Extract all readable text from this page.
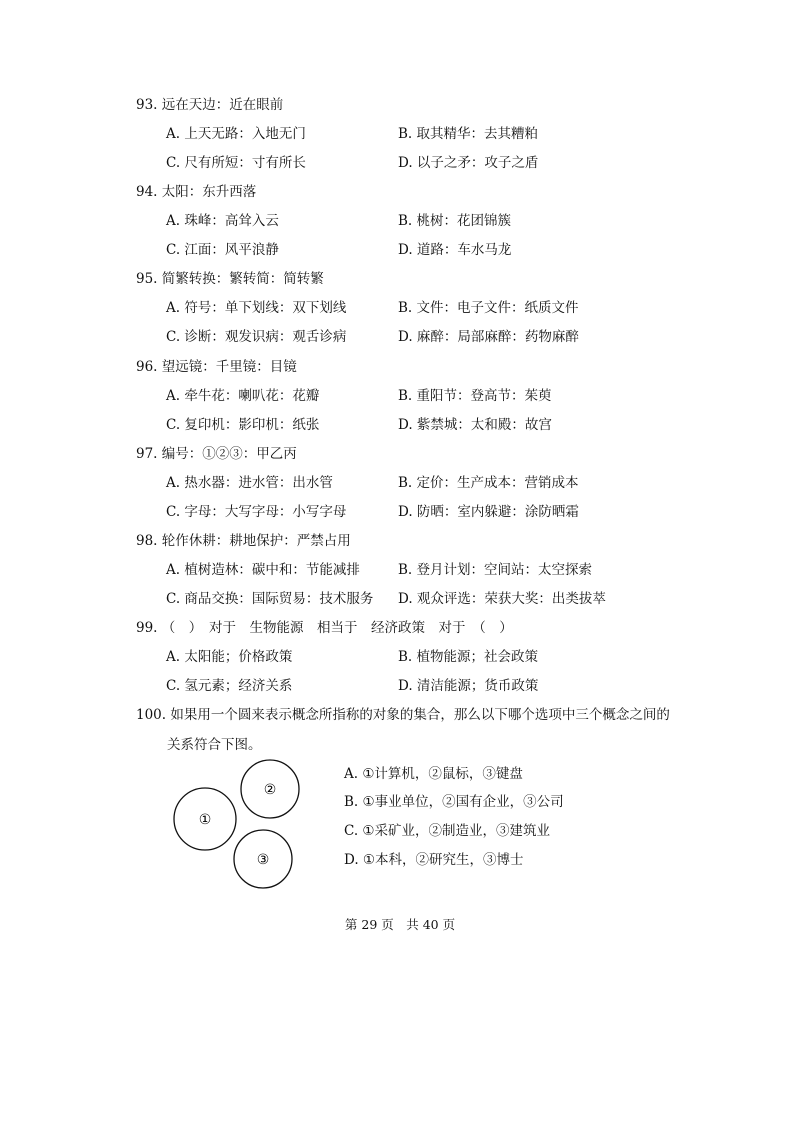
93. 远在天边：近在眼前
A. 上天无路：入地无门	B. 取其精华：去其糟粕
C. 尺有所短：寸有所长	D. 以子之矛：攻子之盾
94. 太阳：东升西落
A. 珠峰：高耸入云	B. 桃树：花团锦簇
C. 江面：风平浪静	D. 道路：车水马龙
95. 简繁转换：繁转简：简转繁
A. 符号：单下划线：双下划线	B. 文件：电子文件：纸质文件
C. 诊断：观发识病：观舌诊病	D. 麻醉：局部麻醉：药物麻醉
96. 望远镜：千里镜：目镜
A. 牵牛花：喇叭花：花瓣	B. 重阳节：登高节：茱萸
C. 复印机：影印机：纸张	D. 紫禁城：太和殿：故宫
97. 编号：①②③：甲乙丙
A. 热水器：进水管：出水管	B. 定价：生产成本：营销成本
C. 字母：大写字母：小写字母	D. 防晒：室内躲避：涂防晒霜
98. 轮作休耕：耕地保护：严禁占用
A. 植树造林：碳中和：节能减排	B. 登月计划：空间站：太空探索
C. 商品交换：国际贸易：技术服务 D. 观众评选：荣获大奖：出类拔萃
99. （　）　对于　生物能源　相当于　经济政策　对于　（　）
A. 太阳能；价格政策	B. 植物能源；社会政策
C. 氢元素；经济关系	D. 清洁能源；货币政策
100. 如果用一个圆来表示概念所指称的对象的集合，那么以下哪个选项中三个概念之间的
关系符合下图。
①
②
③
A. ①计算机，②鼠标，③键盘
B. ①事业单位，②国有企业，③公司
C. ①采矿业，②制造业，③建筑业
D. ①本科，②研究生，③博士
第 29 页　共 40 页
